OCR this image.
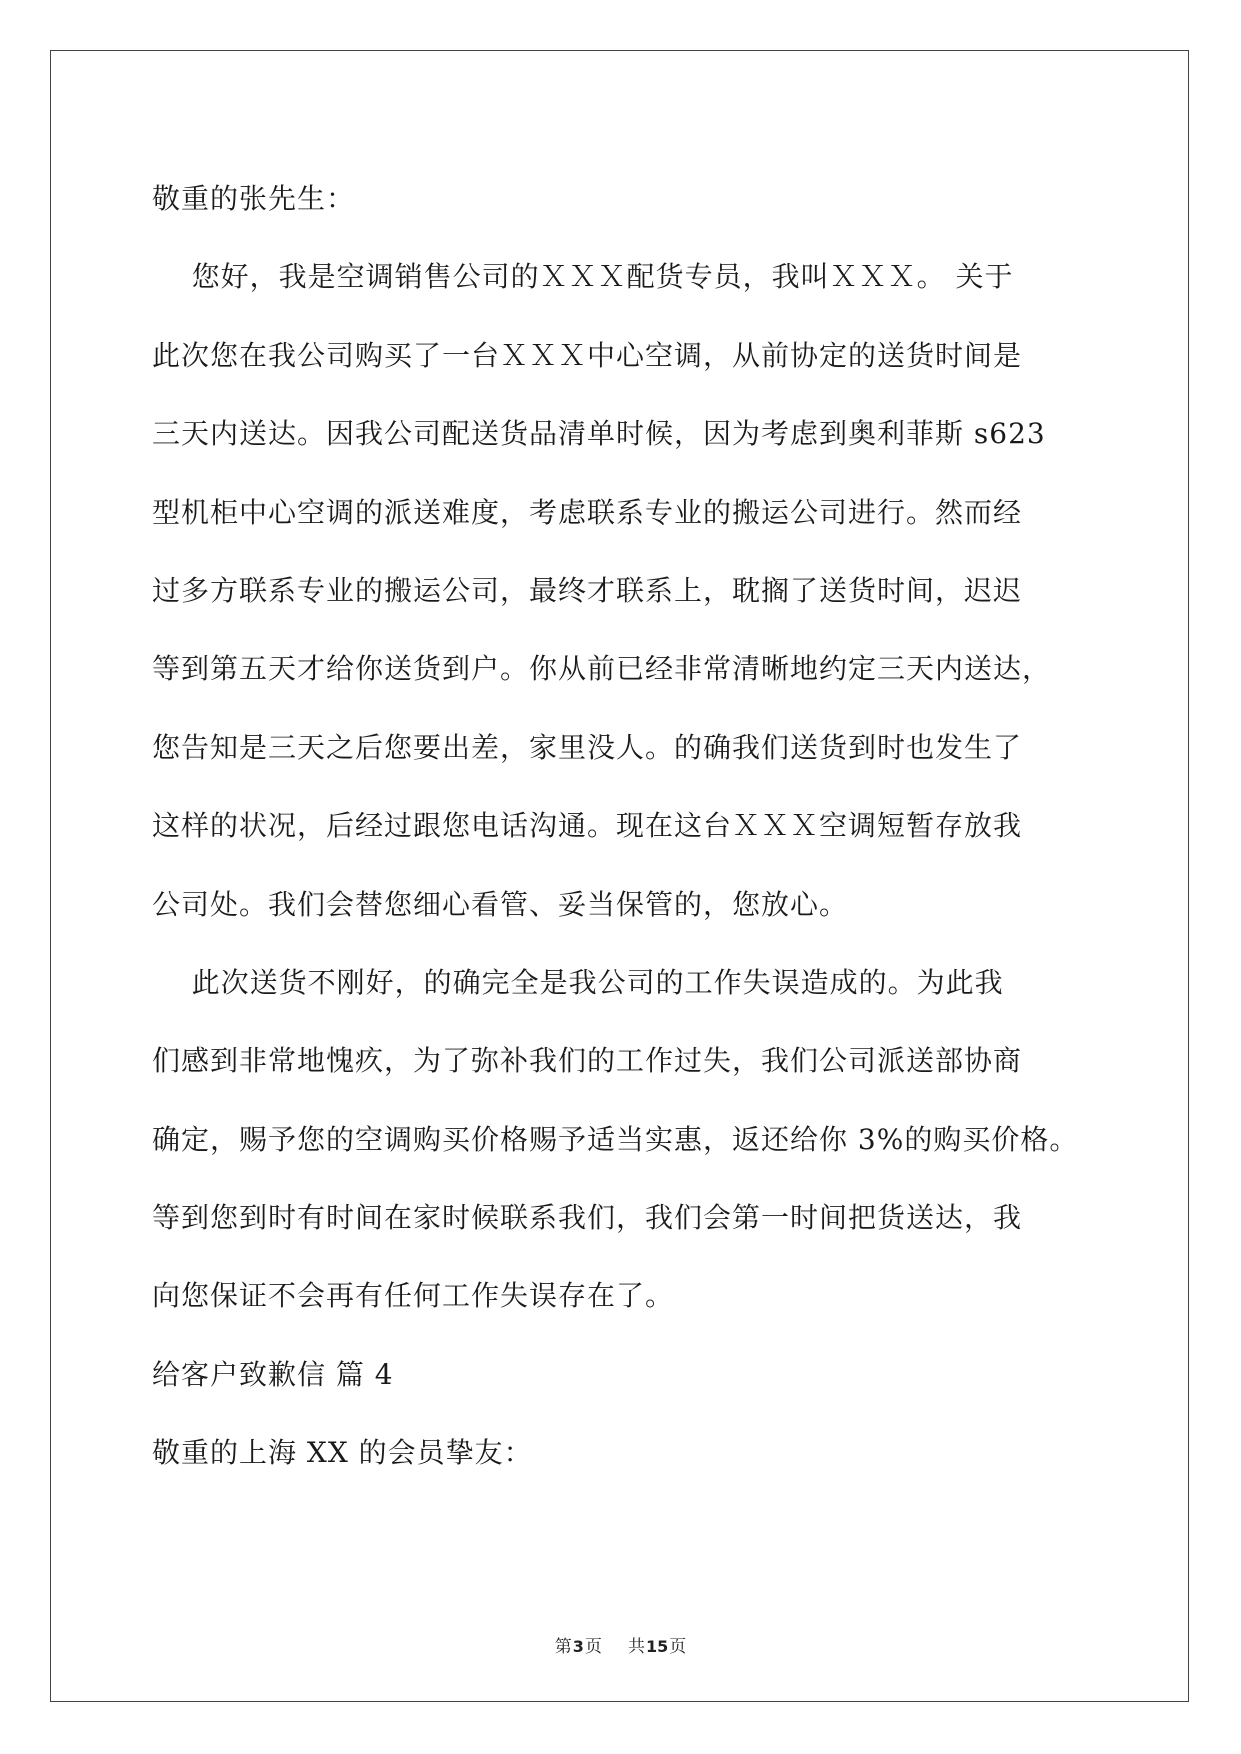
敬重的张先生：
您好，我是空调销售公司的ＸＸＸ配货专员，我叫ＸＸＸ。 关于
此次您在我公司购买了一台ＸＸＸ中心空调，从前协定的送货时间是
三天内送达。因我公司配送货品清单时候，因为考虑到奥利菲斯 s623
型机柜中心空调的派送难度，考虑联系专业的搬运公司进行。然而经
过多方联系专业的搬运公司，最终才联系上，耽搁了送货时间，迟迟
等到第五天才给你送货到户。你从前已经非常清晰地约定三天内送达，
您告知是三天之后您要出差，家里没人。的确我们送货到时也发生了
这样的状况，后经过跟您电话沟通。现在这台ＸＸＸ空调短暂存放我
公司处。我们会替您细心看管、妥当保管的，您放心。
此次送货不刚好，的确完全是我公司的工作失误造成的。为此我
们感到非常地愧疚，为了弥补我们的工作过失，我们公司派送部协商
确定，赐予您的空调购买价格赐予适当实惠，返还给你 3%的购买价格。
等到您到时有时间在家时候联系我们，我们会第一时间把货送达，我
向您保证不会再有任何工作失误存在了。
给客户致歉信 篇 4
敬重的上海 XX 的会员挚友：
第3页 共15页
